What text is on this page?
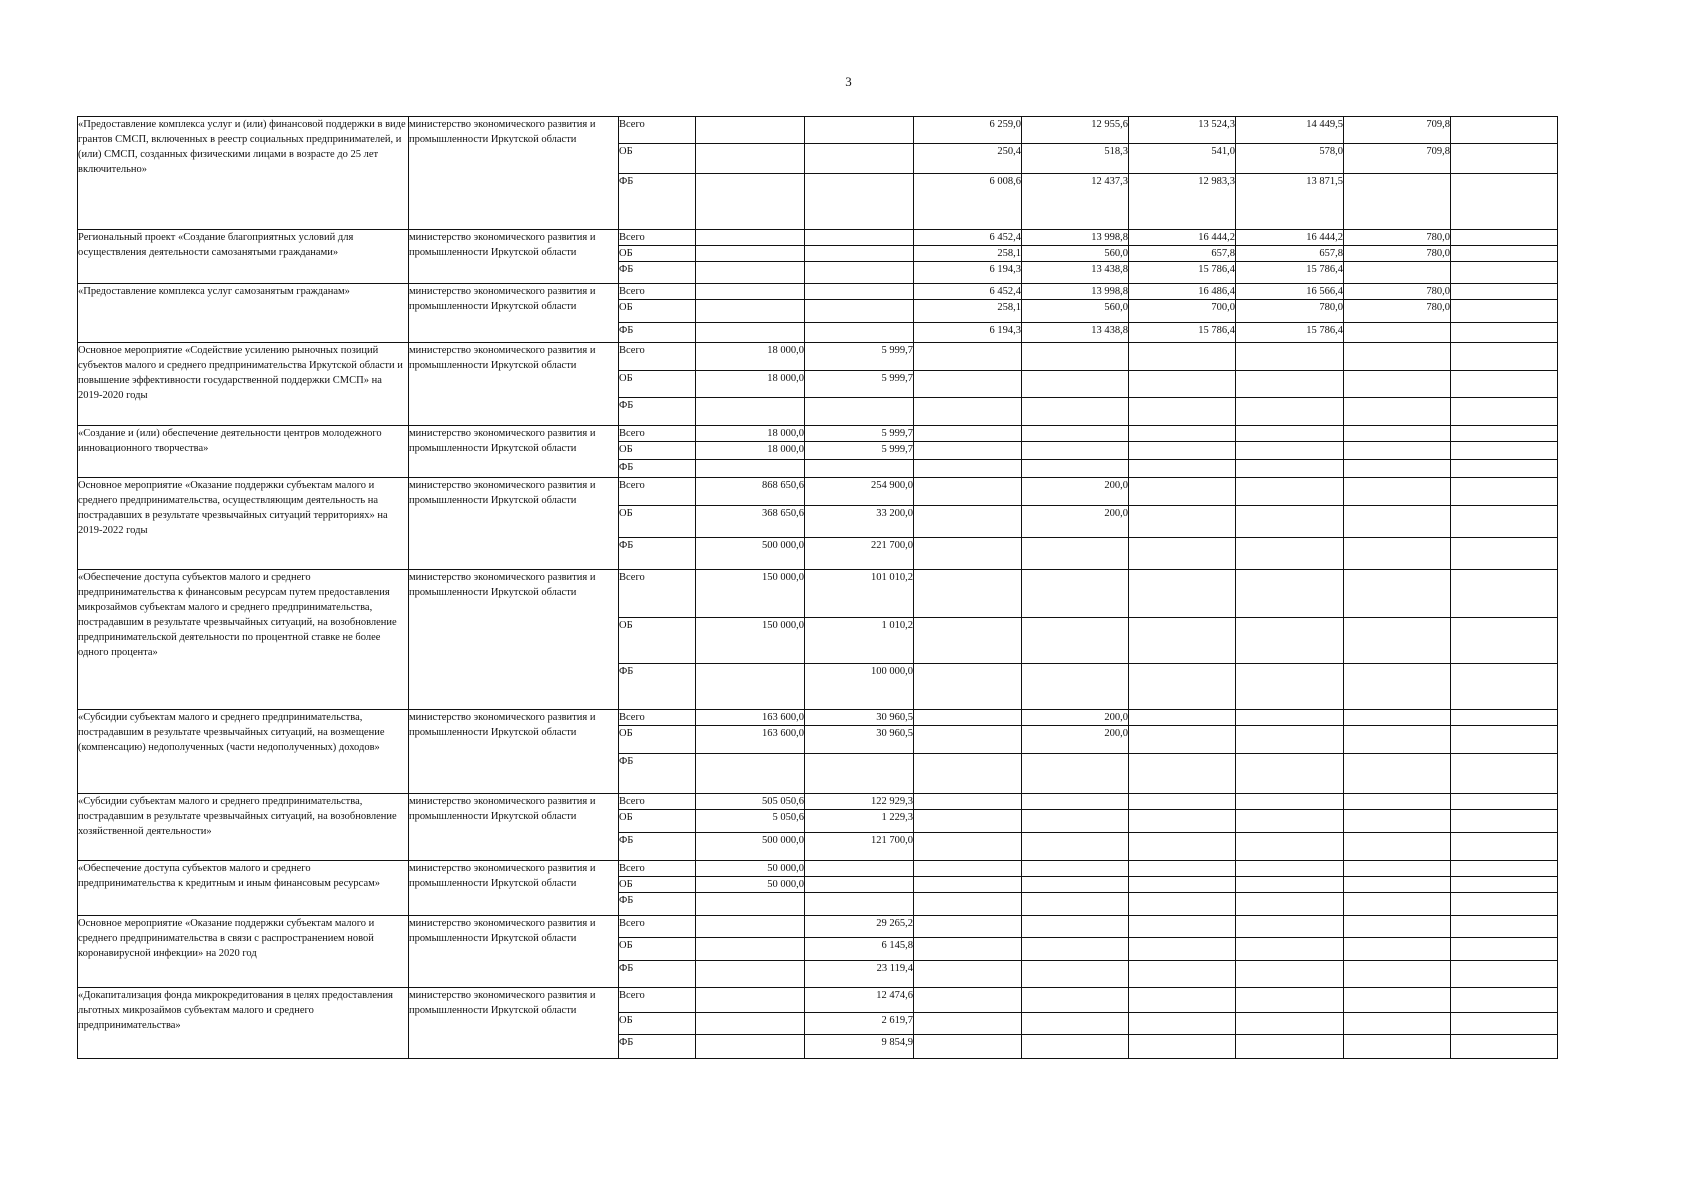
3
«Предоставление комплекса услуг и (или) финансовой поддержки в виде грантов СМСП, включенных в реестр социальных предпринимателей, и (или) СМСП, созданных физическими лицами в возрасте до 25 лет включительно»	министерство экономического развития и промышленности Иркутской области	Всего			6 259,0	12 955,6	13 524,3	14 449,5	709,8	
		ОБ			250,4	518,3	541,0	578,0	709,8	
		ФБ			6 008,6	12 437,3	12 983,3	13 871,5		
Региональный проект «Создание благоприятных условий для осуществления деятельности самозанятыми гражданами»	министерство экономического развития и промышленности Иркутской области	Всего			6 452,4	13 998,8	16 444,2	16 444,2	780,0	
		ОБ			258,1	560,0	657,8	657,8	780,0	
		ФБ			6 194,3	13 438,8	15 786,4	15 786,4		
«Предоставление комплекса услуг самозанятым гражданам»	министерство экономического развития и промышленности Иркутской области	Всего			6 452,4	13 998,8	16 486,4	16 566,4	780,0	
		ОБ			258,1	560,0	700,0	780,0	780,0	
		ФБ			6 194,3	13 438,8	15 786,4	15 786,4		
Основное мероприятие «Содействие усилению рыночных позиций субъектов малого и среднего предпринимательства Иркутской области и повышение эффективности государственной поддержки СМСП» на 2019-2020 годы	министерство экономического развития и промышленности Иркутской области	Всего	18 000,0	5 999,7						
		ОБ	18 000,0	5 999,7						
		ФБ								
«Создание и (или) обеспечение деятельности центров молодежного инновационного творчества»	министерство экономического развития и промышленности Иркутской области	Всего	18 000,0	5 999,7						
		ОБ	18 000,0	5 999,7						
		ФБ								
Основное мероприятие «Оказание поддержки субъектам малого и среднего предпринимательства, осуществляющим деятельность на пострадавших в результате чрезвычайных ситуаций территориях» на 2019-2022 годы	министерство экономического развития и промышленности Иркутской области	Всего	868 650,6	254 900,0		200,0				
		ОБ	368 650,6	33 200,0		200,0				
		ФБ	500 000,0	221 700,0						
«Обеспечение доступа субъектов малого и среднего предпринимательства к финансовым ресурсам путем предоставления микрозаймов субъектам малого и среднего предпринимательства, пострадавшим в результате чрезвычайных ситуаций, на возобновление предпринимательской деятельности по процентной ставке не более одного процента»	министерство экономического развития и промышленности Иркутской области	Всего	150 000,0	101 010,2						
		ОБ	150 000,0	1 010,2						
		ФБ		100 000,0						
«Субсидии субъектам малого и среднего предпринимательства, пострадавшим в результате чрезвычайных ситуаций, на возмещение (компенсацию) недополученных (части недополученных) доходов»	министерство экономического развития и промышленности Иркутской области	Всего	163 600,0	30 960,5		200,0				
		ОБ	163 600,0	30 960,5		200,0				
		ФБ								
«Субсидии субъектам малого и среднего предпринимательства, пострадавшим в результате чрезвычайных ситуаций, на возобновление хозяйственной деятельности»	министерство экономического развития и промышленности Иркутской области	Всего	505 050,6	122 929,3						
		ОБ	5 050,6	1 229,3						
		ФБ	500 000,0	121 700,0						
«Обеспечение доступа субъектов малого и среднего предпринимательства к кредитным и иным финансовым ресурсам»	министерство экономического развития и промышленности Иркутской области	Всего	50 000,0							
		ОБ	50 000,0							
		ФБ								
Основное мероприятие «Оказание поддержки субъектам малого и среднего предпринимательства в связи с распространением новой коронавирусной инфекции» на 2020 год	министерство экономического развития и промышленности Иркутской области	Всего		29 265,2						
		ОБ		6 145,8						
		ФБ		23 119,4						
«Докапитализация фонда микрокредитования в целях предоставления льготных микрозаймов субъектам малого и среднего предпринимательства»	министерство экономического развития и промышленности Иркутской области	Всего		12 474,6						
		ОБ		2 619,7						
		ФБ		9 854,9						
